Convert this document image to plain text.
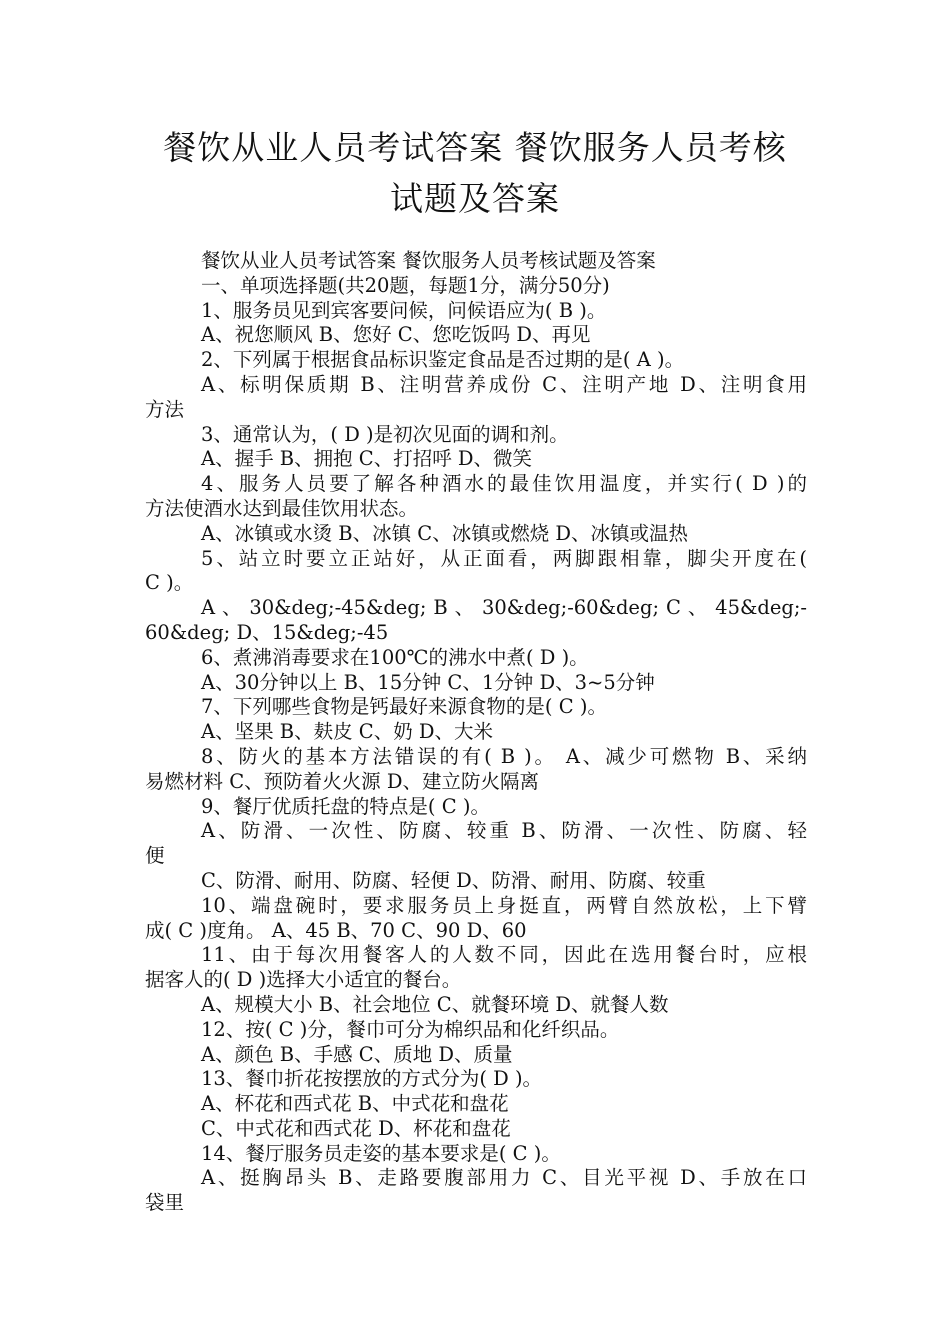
餐饮从业人员考试答案 餐饮服务人员考核
试题及答案
餐饮从业人员考试答案 餐饮服务人员考核试题及答案
一、单项选择题(共20题，每题1分，满分50分)
1、服务员见到宾客要问候，问候语应为( B )。
A、祝您顺风 B、您好 C、您吃饭吗 D、再见
2、下列属于根据食品标识鉴定食品是否过期的是( A )。
A、标明保质期 B、注明营养成份 C、注明产地 D、注明食用
方法
3、通常认为，( D )是初次见面的调和剂。
A、握手 B、拥抱 C、打招呼 D、微笑
4、服务人员要了解各种酒水的最佳饮用温度，并实行( D )的
方法使酒水达到最佳饮用状态。
A、冰镇或水烫 B、冰镇 C、冰镇或燃烧 D、冰镇或温热
5、站立时要立正站好，从正面看，两脚跟相靠，脚尖开度在(
C )。
A 、 30&deg;-45&deg; B 、 30&deg;-60&deg; C 、 45&deg;-
60&deg; D、15&deg;-45
6、煮沸消毒要求在100℃的沸水中煮( D )。
A、30分钟以上 B、15分钟 C、1分钟 D、3~5分钟
7、下列哪些食物是钙最好来源食物的是( C )。
A、坚果 B、麸皮 C、奶 D、大米
8、防火的基本方法错误的有( B )。 A、减少可燃物 B、采纳
易燃材料 C、预防着火火源 D、建立防火隔离
9、餐厅优质托盘的特点是( C )。
A、防滑、一次性、防腐、较重 B、防滑、一次性、防腐、轻
便
C、防滑、耐用、防腐、轻便 D、防滑、耐用、防腐、较重
10、端盘碗时，要求服务员上身挺直，两臂自然放松，上下臂
成( C )度角。 A、45 B、70 C、90 D、60
11、由于每次用餐客人的人数不同，因此在选用餐台时，应根
据客人的( D )选择大小适宜的餐台。
A、规模大小 B、社会地位 C、就餐环境 D、就餐人数
12、按( C )分，餐巾可分为棉织品和化纤织品。
A、颜色 B、手感 C、质地 D、质量
13、餐巾折花按摆放的方式分为( D )。
A、杯花和西式花 B、中式花和盘花
C、中式花和西式花 D、杯花和盘花
14、餐厅服务员走姿的基本要求是( C )。
A、挺胸昂头 B、走路要腹部用力 C、目光平视 D、手放在口
袋里
